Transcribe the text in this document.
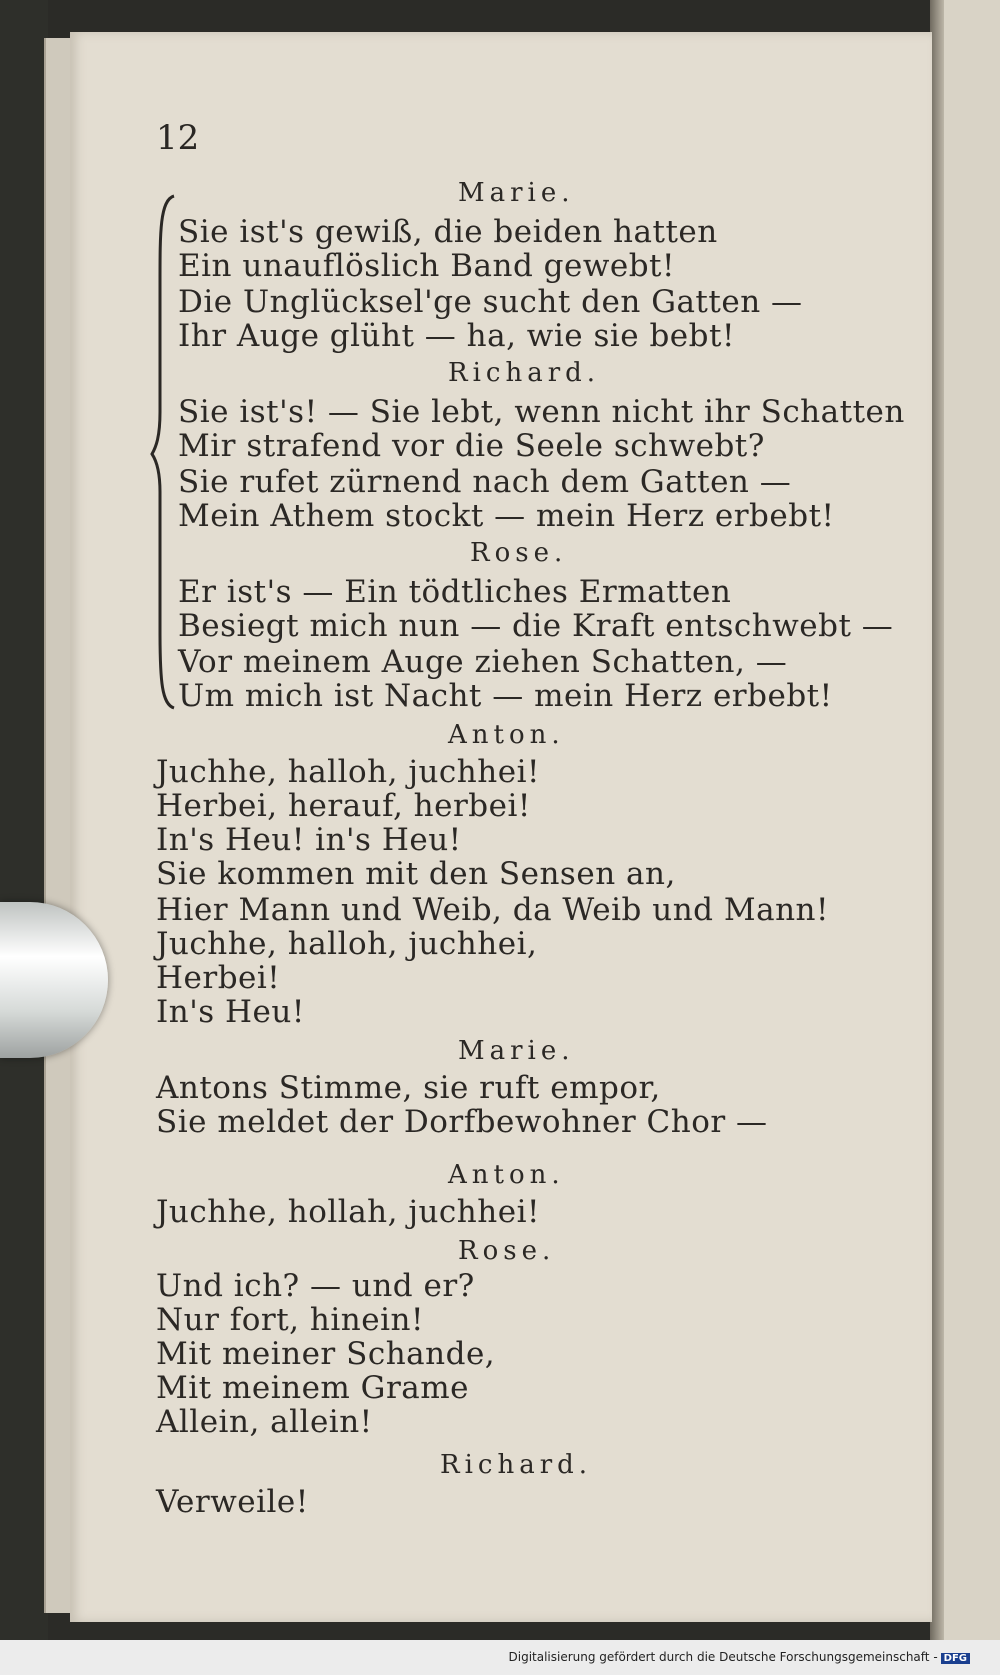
12

Marie.

Sie ist's gewiß, die beiden hatten

Ein unauflöslich Band gewebt!

Die Unglücksel'ge sucht den Gatten —

Ihr Auge glüht — ha, wie sie bebt!

Richard.

Sie ist's! — Sie lebt, wenn nicht ihr Schatten

Mir strafend vor die Seele schwebt?

Sie rufet zürnend nach dem Gatten —

Mein Athem stockt — mein Herz erbebt!

Rose.

Er ist's — Ein tödtliches Ermatten

Besiegt mich nun — die Kraft entschwebt —

Vor meinem Auge ziehen Schatten, —

Um mich ist Nacht — mein Herz erbebt!

Anton.

Juchhe, halloh, juchhei!

Herbei, herauf, herbei!

In's Heu! in's Heu!

Sie kommen mit den Sensen an,

Hier Mann und Weib, da Weib und Mann!

Juchhe, halloh, juchhei,

Herbei!

In's Heu!

Marie.

Antons Stimme, sie ruft empor,

Sie meldet der Dorfbewohner Chor —

Anton.

Juchhe, hollah, juchhei!

Rose.

Und ich? — und er?

Nur fort, hinein!

Mit meiner Schande,

Mit meinem Grame

Allein, allein!

Richard.

Verweile!

Digitalisierung gefördert durch die Deutsche Forschungsgemeinschaft - DFG
